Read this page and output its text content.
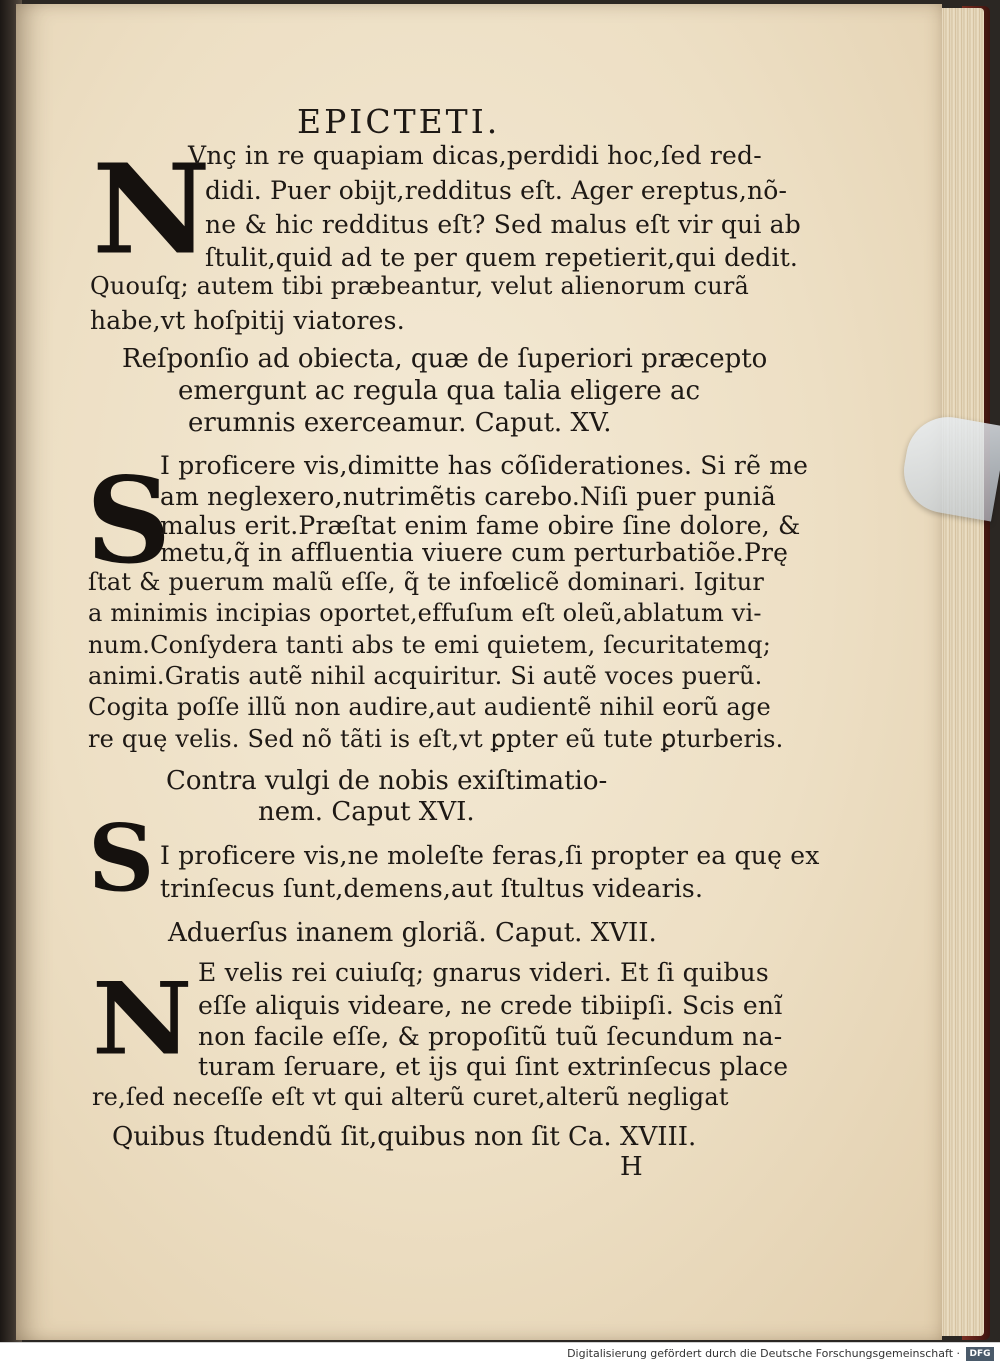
EPICTETI.
N
Vnç in re quapiam dicas,perdidi hoc,ſed red-
didi. Puer obijt,redditus eſt. Ager ereptus,nõ-
ne & hic redditus eſt? Sed malus eſt vir qui ab
ſtulit,quid ad te per quem repetierit,qui dedit.
Quouſq; autem tibi præbeantur, velut alienorum curã
habe,vt hoſpitij viatores.
Reſponſio ad obiecta, quæ de ſuperiori præcepto
emergunt ac regula qua talia eligere ac
erumnis exerceamur. Caput. XV.
S
I proficere vis,dimitte has cõſiderationes. Si rẽ me
am neglexero,nutrimẽtis carebo.Niſi puer puniã
malus erit.Præſtat enim fame obire ſine dolore, &
metu,q̃ in affluentia viuere cum perturbatiõe.Prę
ſtat & puerum malũ eſſe, q̃ te infœlicẽ dominari. Igitur
a minimis incipias oportet,effuſum eſt oleũ,ablatum vi-
num.Conſydera tanti abs te emi quietem, ſecuritatemq;
animi.Gratis autẽ nihil acquiritur. Si autẽ voces puerũ.
Cogita poſſe illũ non audire,aut audientẽ nihil eorũ age
re quę velis. Sed nõ tãti is eſt,vt ꝑpter eũ tute ꝑturberis.
Contra vulgi de nobis exiſtimatio-
nem. Caput XVI.
S I proficere vis,ne moleſte feras,ſi propter ea quę ex
trinſecus ſunt,demens,aut ſtultus videaris.
Aduerſus inanem gloriã. Caput. XVII.
N E velis rei cuiuſq; gnarus videri. Et ſi quibus
eſſe aliquis videare, ne crede tibiipſi. Scis enĩ
non facile eſſe, & propoſitũ tuũ ſecundum na-
turam ſeruare, et ijs qui ſint extrinſecus place
re,ſed neceſſe eſt vt qui alterũ curet,alterũ negligat
Quibus ſtudendũ ſit,quibus non ſit Ca. XVIII.
H
Digitalisierung gefördert durch die Deutsche Forschungsgemeinschaft ·	DFG
